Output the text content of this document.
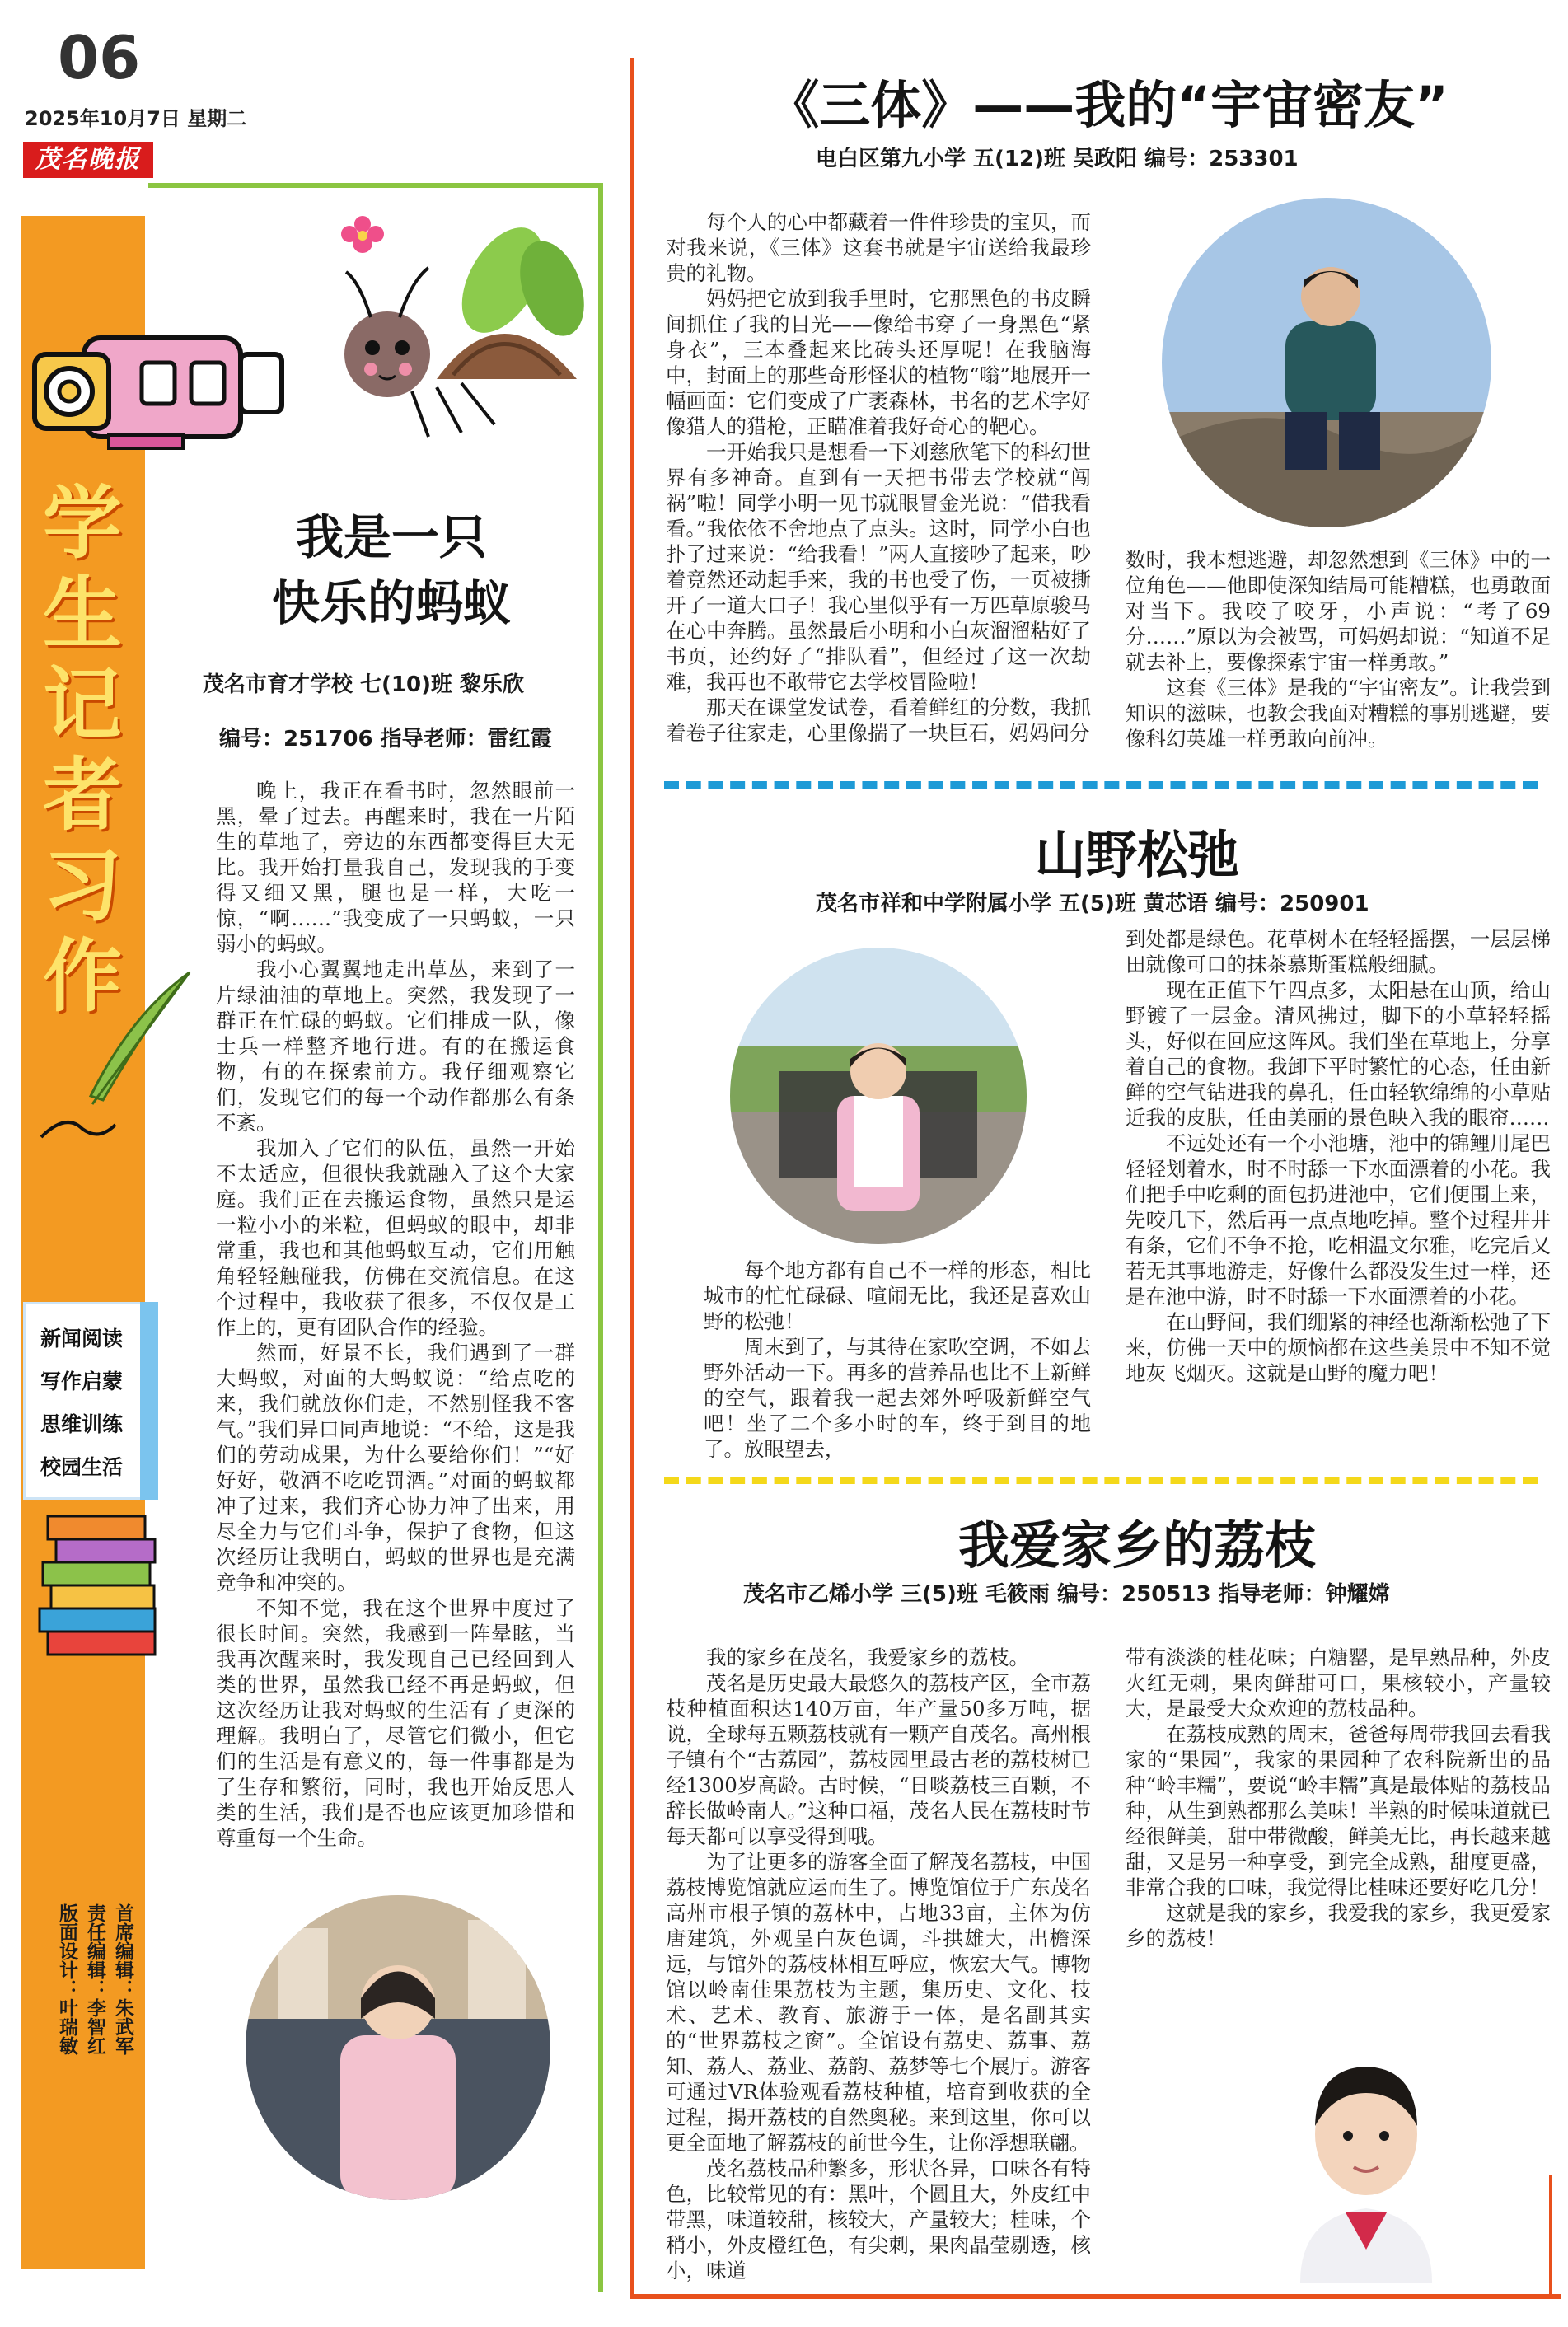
06
2025年10月7日 星期二
茂名晚报
学生记者习作
新闻阅读
写作启蒙
思维训练
校园生活
首席编辑：朱武军
责任编辑：李智红
版面设计：叶瑞敏
我是一只
快乐的蚂蚁
茂名市育才学校 七(10)班 黎乐欣
编号：251706 指导老师：雷红霞

晚上，我正在看书时，忽然眼前一黑，晕了过去。再醒来时，我在一片陌生的草地了，旁边的东西都变得巨大无比。我开始打量我自己，发现我的手变得又细又黑，腿也是一样，大吃一惊，“啊……”我变成了一只蚂蚁，一只弱小的蚂蚁。

我小心翼翼地走出草丛，来到了一片绿油油的草地上。突然，我发现了一群正在忙碌的蚂蚁。它们排成一队，像士兵一样整齐地行进。有的在搬运食物，有的在探索前方。我仔细观察它们，发现它们的每一个动作都那么有条不紊。

我加入了它们的队伍，虽然一开始不太适应，但很快我就融入了这个大家庭。我们正在去搬运食物，虽然只是运一粒小小的米粒，但蚂蚁的眼中，却非常重，我也和其他蚂蚁互动，它们用触角轻轻触碰我，仿佛在交流信息。在这个过程中，我收获了很多，不仅仅是工作上的，更有团队合作的经验。

然而，好景不长，我们遇到了一群大蚂蚁，对面的大蚂蚁说：“给点吃的来，我们就放你们走，不然别怪我不客气。”我们异口同声地说：“不给，这是我们的劳动成果，为什么要给你们！”“好好好，敬酒不吃吃罚酒。”对面的蚂蚁都冲了过来，我们齐心协力冲了出来，用尽全力与它们斗争，保护了食物，但这次经历让我明白，蚂蚁的世界也是充满竞争和冲突的。

不知不觉，我在这个世界中度过了很长时间。突然，我感到一阵晕眩，当我再次醒来时，我发现自己已经回到人类的世界，虽然我已经不再是蚂蚁，但这次经历让我对蚂蚁的生活有了更深的理解。我明白了，尽管它们微小，但它们的生活是有意义的，每一件事都是为了生存和繁衍，同时，我也开始反思人类的生活，我们是否也应该更加珍惜和尊重每一个生命。

《三体》——我的“宇宙密友”
电白区第九小学 五(12)班 吴政阳 编号：253301

每个人的心中都藏着一件件珍贵的宝贝，而对我来说，《三体》这套书就是宇宙送给我最珍贵的礼物。

妈妈把它放到我手里时，它那黑色的书皮瞬间抓住了我的目光——像给书穿了一身黑色“紧身衣”，三本叠起来比砖头还厚呢！在我脑海中，封面上的那些奇形怪状的植物“嗡”地展开一幅画面：它们变成了广袤森林，书名的艺术字好像猎人的猎枪，正瞄准着我好奇心的靶心。

一开始我只是想看一下刘慈欣笔下的科幻世界有多神奇。直到有一天把书带去学校就“闯祸”啦！同学小明一见书就眼冒金光说：“借我看看。”我依依不舍地点了点头。这时，同学小白也扑了过来说：“给我看！”两人直接吵了起来，吵着竟然还动起手来，我的书也受了伤，一页被撕开了一道大口子！我心里似乎有一万匹草原骏马在心中奔腾。虽然最后小明和小白灰溜溜粘好了书页，还约好了“排队看”，但经过了这一次劫难，我再也不敢带它去学校冒险啦！

那天在课堂发试卷，看着鲜红的分数，我抓着卷子往家走，心里像揣了一块巨石，妈妈问分

数时，我本想逃避，却忽然想到《三体》中的一位角色——他即使深知结局可能糟糕，也勇敢面对当下。我咬了咬牙，小声说：“考了69分……”原以为会被骂，可妈妈却说：“知道不足就去补上，要像探索宇宙一样勇敢。”

这套《三体》是我的“宇宙密友”。让我尝到知识的滋味，也教会我面对糟糕的事别逃避，要像科幻英雄一样勇敢向前冲。

山野松弛
茂名市祥和中学附属小学 五(5)班 黄芯语 编号：250901

每个地方都有自己不一样的形态，相比城市的忙忙碌碌、喧闹无比，我还是喜欢山野的松弛！

周末到了，与其待在家吹空调，不如去野外活动一下。再多的营养品也比不上新鲜的空气，跟着我一起去郊外呼吸新鲜空气吧！坐了二个多小时的车，终于到目的地了。放眼望去，

到处都是绿色。花草树木在轻轻摇摆，一层层梯田就像可口的抹茶慕斯蛋糕般细腻。

现在正值下午四点多，太阳悬在山顶，给山野镀了一层金。清风拂过，脚下的小草轻轻摇头，好似在回应这阵风。我们坐在草地上，分享着自己的食物。我卸下平时繁忙的心态，任由新鲜的空气钻进我的鼻孔，任由轻软绵绵的小草贴近我的皮肤，任由美丽的景色映入我的眼帘……

不远处还有一个小池塘，池中的锦鲤用尾巴轻轻划着水，时不时舔一下水面漂着的小花。我们把手中吃剩的面包扔进池中，它们便围上来，先咬几下，然后再一点点地吃掉。整个过程井井有条，它们不争不抢，吃相温文尔雅，吃完后又若无其事地游走，好像什么都没发生过一样，还是在池中游，时不时舔一下水面漂着的小花。

在山野间，我们绷紧的神经也渐渐松弛了下来，仿佛一天中的烦恼都在这些美景中不知不觉地灰飞烟灭。这就是山野的魔力吧！

我爱家乡的荔枝
茂名市乙烯小学 三(5)班 毛筱雨 编号：250513 指导老师：钟耀嫦

我的家乡在茂名，我爱家乡的荔枝。

茂名是历史最大最悠久的荔枝产区，全市荔枝种植面积达140万亩，年产量50多万吨，据说，全球每五颗荔枝就有一颗产自茂名。高州根子镇有个“古荔园”，荔枝园里最古老的荔枝树已经1300岁高龄。古时候，“日啖荔枝三百颗，不辞长做岭南人。”这种口福，茂名人民在荔枝时节每天都可以享受得到哦。

为了让更多的游客全面了解茂名荔枝，中国荔枝博览馆就应运而生了。博览馆位于广东茂名高州市根子镇的荔林中，占地33亩，主体为仿唐建筑，外观呈白灰色调，斗拱雄大，出檐深远，与馆外的荔枝林相互呼应，恢宏大气。博物馆以岭南佳果荔枝为主题，集历史、文化、技术、艺术、教育、旅游于一体，是名副其实的“世界荔枝之窗”。全馆设有荔史、荔事、荔知、荔人、荔业、荔韵、荔梦等七个展厅。游客可通过VR体验观看荔枝种植，培育到收获的全过程，揭开荔枝的自然奥秘。来到这里，你可以更全面地了解荔枝的前世今生，让你浮想联翩。

茂名荔枝品种繁多，形状各异，口味各有特色，比较常见的有：黑叶，个圆且大，外皮红中带黑，味道较甜，核较大，产量较大；桂味，个稍小，外皮橙红色，有尖刺，果肉晶莹剔透，核小，味道

带有淡淡的桂花味；白糖罂，是早熟品种，外皮火红无刺，果肉鲜甜可口，果核较小，产量较大，是最受大众欢迎的荔枝品种。

在荔枝成熟的周末，爸爸每周带我回去看我家的“果园”，我家的果园种了农科院新出的品种“岭丰糯”，要说“岭丰糯”真是最体贴的荔枝品种，从生到熟都那么美味！半熟的时候味道就已经很鲜美，甜中带微酸，鲜美无比，再长越来越甜，又是另一种享受，到完全成熟，甜度更盛，非常合我的口味，我觉得比桂味还要好吃几分！

这就是我的家乡，我爱我的家乡，我更爱家乡的荔枝！
